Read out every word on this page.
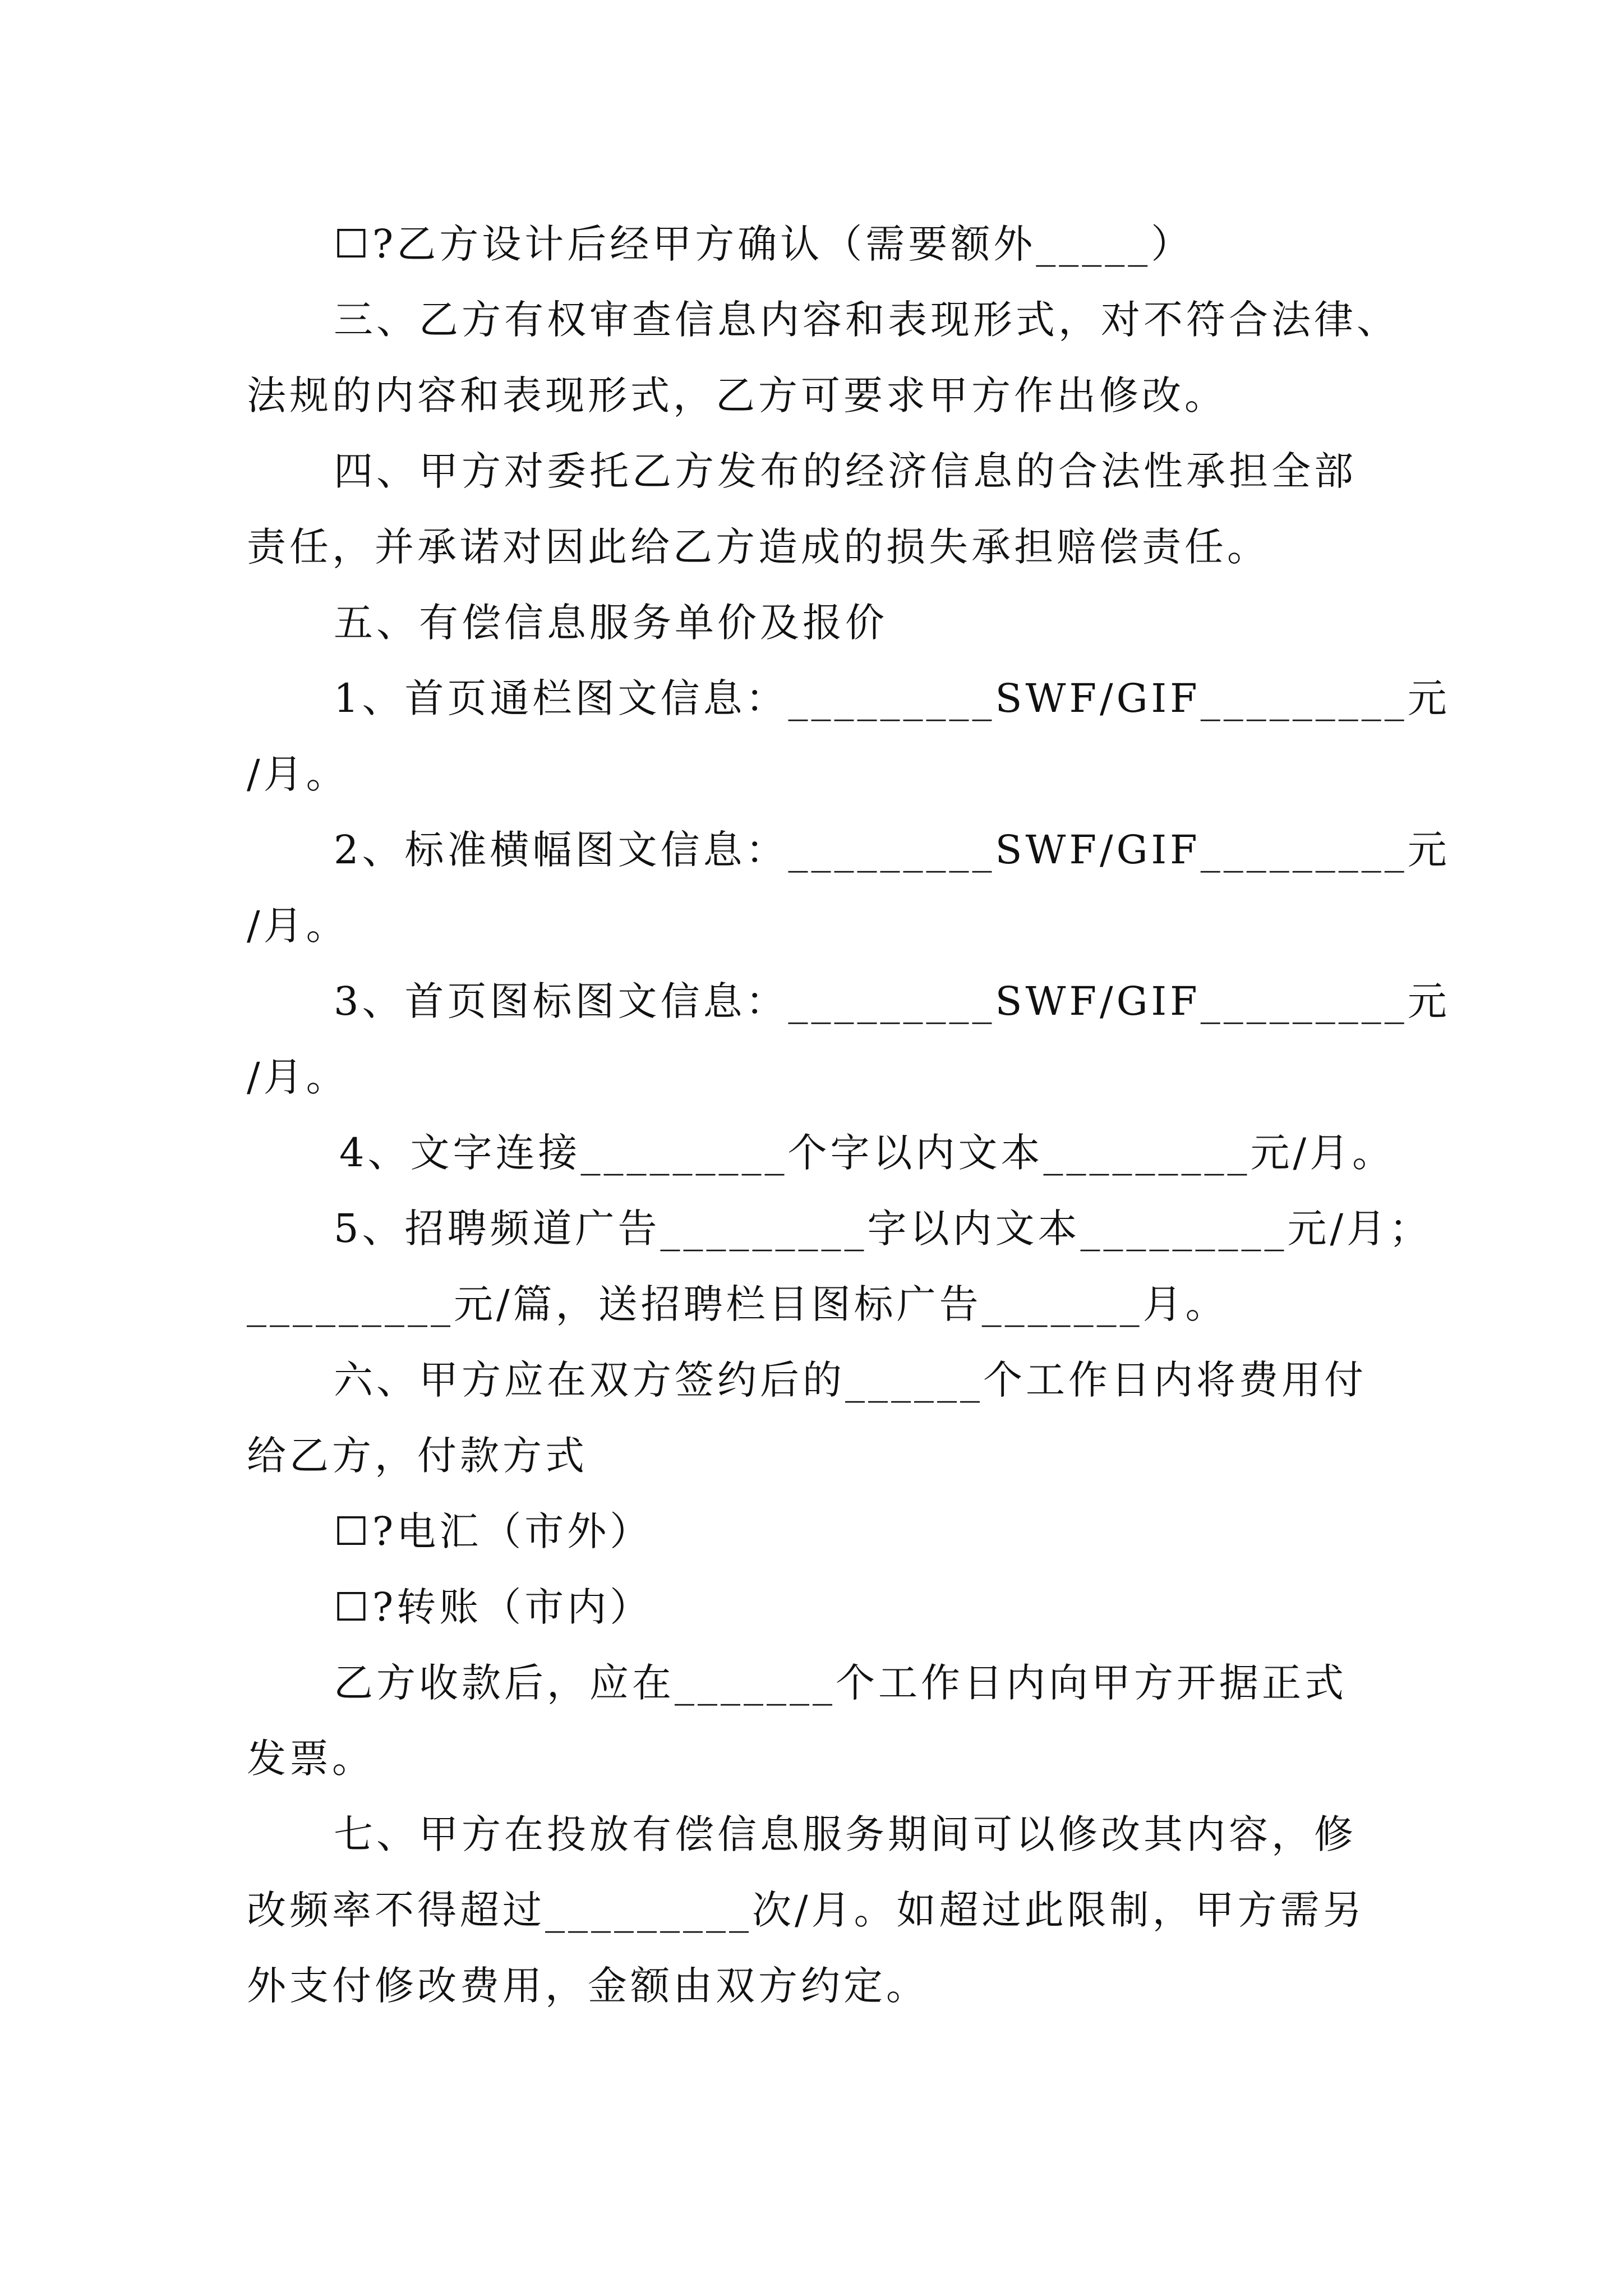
☐?乙方设计后经甲方确认（需要额外_____）
三、乙方有权审查信息内容和表现形式，对不符合法律、
法规的内容和表现形式，乙方可要求甲方作出修改。
四、甲方对委托乙方发布的经济信息的合法性承担全部
责任，并承诺对因此给乙方造成的损失承担赔偿责任。
五、有偿信息服务单价及报价
1、首页通栏图文信息：_________SWF/GIF_________元
/月。
2、标准横幅图文信息：_________SWF/GIF_________元
/月。
3、首页图标图文信息：_________SWF/GIF_________元
/月。
4、文字连接_________个字以内文本_________元/月。
5、招聘频道广告_________字以内文本_________元/月；
_________元/篇，送招聘栏目图标广告_______月。
六、甲方应在双方签约后的______个工作日内将费用付
给乙方，付款方式
☐?电汇（市外）
☐?转账（市内）
乙方收款后，应在_______个工作日内向甲方开据正式
发票。
七、甲方在投放有偿信息服务期间可以修改其内容，修
改频率不得超过_________次/月。如超过此限制，甲方需另
外支付修改费用，金额由双方约定。
